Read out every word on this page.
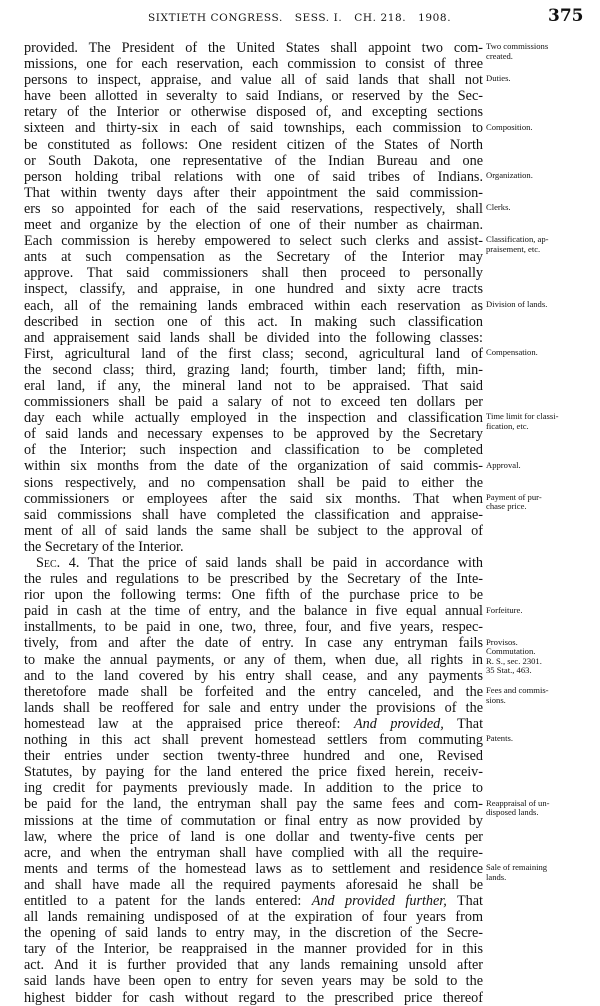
SIXTIETH CONGRESS. SESS. I. CH. 218. 1908.	375
provided. The President of the United States shall appoint two com-
missions, one for each reservation, each commission to consist of three
persons to inspect, appraise, and value all of said lands that shall not
have been allotted in severalty to said Indians, or reserved by the Sec-
retary of the Interior or otherwise disposed of, and excepting sections
sixteen and thirty-six in each of said townships, each commission to
be constituted as follows: One resident citizen of the States of North
or South Dakota, one representative of the Indian Bureau and one
person holding tribal relations with one of said tribes of Indians.
That within twenty days after their appointment the said commission-
ers so appointed for each of the said reservations, respectively, shall
meet and organize by the election of one of their number as chairman.
Each commission is hereby empowered to select such clerks and assist-
ants at such compensation as the Secretary of the Interior may
approve. That said commissioners shall then proceed to personally
inspect, classify, and appraise, in one hundred and sixty acre tracts
each, all of the remaining lands embraced within each reservation as
described in section one of this act. In making such classification
and appraisement said lands shall be divided into the following classes:
First, agricultural land of the first class; second, agricultural land of
the second class; third, grazing land; fourth, timber land; fifth, min-
eral land, if any, the mineral land not to be appraised. That said
commissioners shall be paid a salary of not to exceed ten dollars per
day each while actually employed in the inspection and classification
of said lands and necessary expenses to be approved by the Secretary
of the Interior; such inspection and classification to be completed
within six months from the date of the organization of said commis-
sions respectively, and no compensation shall be paid to either the
commissioners or employees after the said six months. That when
said commissions shall have completed the classification and appraise-
ment of all of said lands the same shall be subject to the approval of
the Secretary of the Interior.
Sec. 4. That the price of said lands shall be paid in accordance with
the rules and regulations to be prescribed by the Secretary of the Inte-
rior upon the following terms: One fifth of the purchase price to be
paid in cash at the time of entry, and the balance in five equal annual
installments, to be paid in one, two, three, four, and five years, respec-
tively, from and after the date of entry. In case any entryman fails
to make the annual payments, or any of them, when due, all rights in
and to the land covered by his entry shall cease, and any payments
theretofore made shall be forfeited and the entry canceled, and the
lands shall be reoffered for sale and entry under the provisions of the
homestead law at the appraised price thereof: And provided, That
nothing in this act shall prevent homestead settlers from commuting
their entries under section twenty-three hundred and one, Revised
Statutes, by paying for the land entered the price fixed herein, receiv-
ing credit for payments previously made. In addition to the price to
be paid for the land, the entryman shall pay the same fees and com-
missions at the time of commutation or final entry as now provided by
law, where the price of land is one dollar and twenty-five cents per
acre, and when the entryman shall have complied with all the require-
ments and terms of the homestead laws as to settlement and residence
and shall have made all the required payments aforesaid he shall be
entitled to a patent for the lands entered: And provided further, That
all lands remaining undisposed of at the expiration of four years from
the opening of said lands to entry may, in the discretion of the Secre-
tary of the Interior, be reappraised in the manner provided for in this
act. And it is further provided that any lands remaining unsold after
said lands have been open to entry for seven years may be sold to the
highest bidder for cash without regard to the prescribed price thereof
Two commissions
created.
Duties.
Composition.
Organization.
Clerks.
Classification, ap-
praisement, etc.
Division of lands.
Compensation.
Time limit for classi-
fication, etc.
Approval.
Payment of pur-
chase price.
Forfeiture.
Provisos.
Commutation.
R. S., sec. 2301.
35 Stat., 463.
Fees and commis-
sions.
Patents.
Reappraisal of un-
disposed lands.
Sale of remaining
lands.
